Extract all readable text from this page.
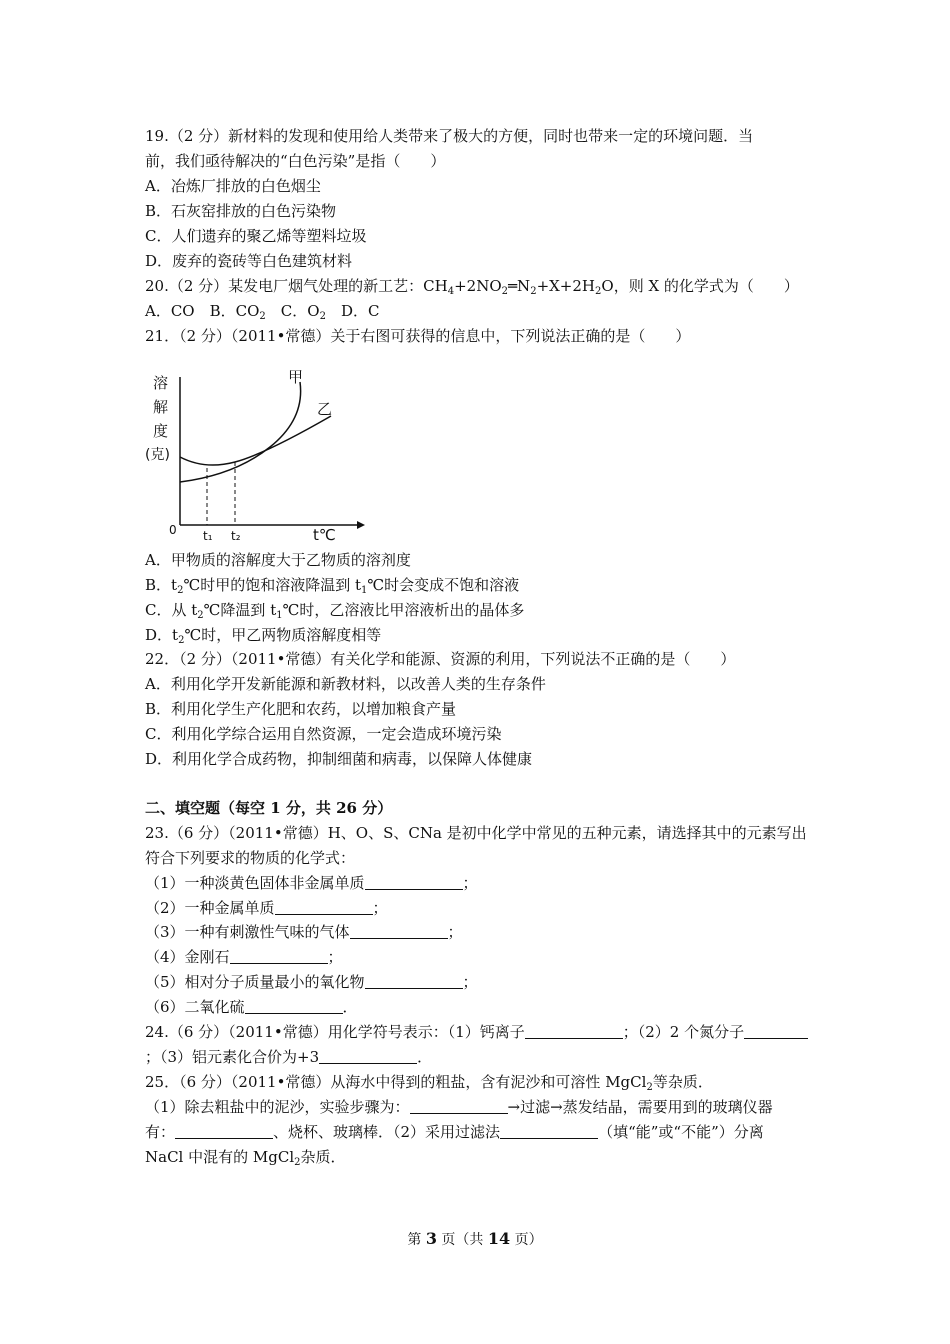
19.（2 分）新材料的发现和使用给人类带来了极大的方便，同时也带来一定的环境问题．当
前，我们亟待解决的“白色污染”是指（　　）
A．冶炼厂排放的白色烟尘
B．石灰窑排放的白色污染物
C．人们遗弃的聚乙烯等塑料垃圾
D．废弃的瓷砖等白色建筑材料
20.（2 分）某发电厂烟气处理的新工艺：$CH_4+2NO_2═N_2+X+2H_2O$，则 X 的化学式为（　　）
A．CO　B．$CO_2$　 C．$O_2$　D．C
21．（2 分）（2011•常德）关于右图可获得的信息中，下列说法正确的是（　　）
溶
解
度
(克)
0 t₁ t₂	t℃
甲
乙
A．甲物质的溶解度大于乙物质的溶剂度
B．$t_2℃$时甲的饱和溶液降温到 $t_1℃$时会变成不饱和溶液
C．从 $t_2℃$降温到 $t_1℃$时，乙溶液比甲溶液析出的晶体多
D．$t_2℃$时，甲乙两物质溶解度相等
22．（2 分）（2011•常德）有关化学和能源、资源的利用，下列说法不正确的是（　　）
A．利用化学开发新能源和新教材料，以改善人类的生存条件
B．利用化学生产化肥和农药，以增加粮食产量
C．利用化学综合运用自然资源，一定会造成环境污染
D．利用化学合成药物，抑制细菌和病毒，以保障人体健康
二、填空题（每空 1 分，共 26 分）
23.（6 分）（2011•常德）H、O、S、CNa 是初中化学中常见的五种元素，请选择其中的元素写出
符合下列要求的物质的化学式：
（1）一种淡黄色固体非金属单质	；
（2）一种金属单质	；
（3）一种有刺激性气味的气体	；
（4）金刚石	；
（5）相对分子质量最小的氧化物	；
（6）二氧化硫	．
24.（6 分）（2011•常德）用化学符号表示：（1）钙离子	；（2）2 个氮分子
；（3）铝元素化合价为+3	．
25．（6 分）（2011•常德）从海水中得到的粗盐，含有泥沙和可溶性 MgCl$_2$等杂质．
（1）除去粗盐中的泥沙，实验步骤为：	→过滤→蒸发结晶，需要用到的玻璃仪器
有：	、烧杯、玻璃棒．（2）采用过滤法	（填“能”或“不能”）分离
NaCl 中混有的 MgCl$_2$杂质．
第 3 页（共 14 页）
